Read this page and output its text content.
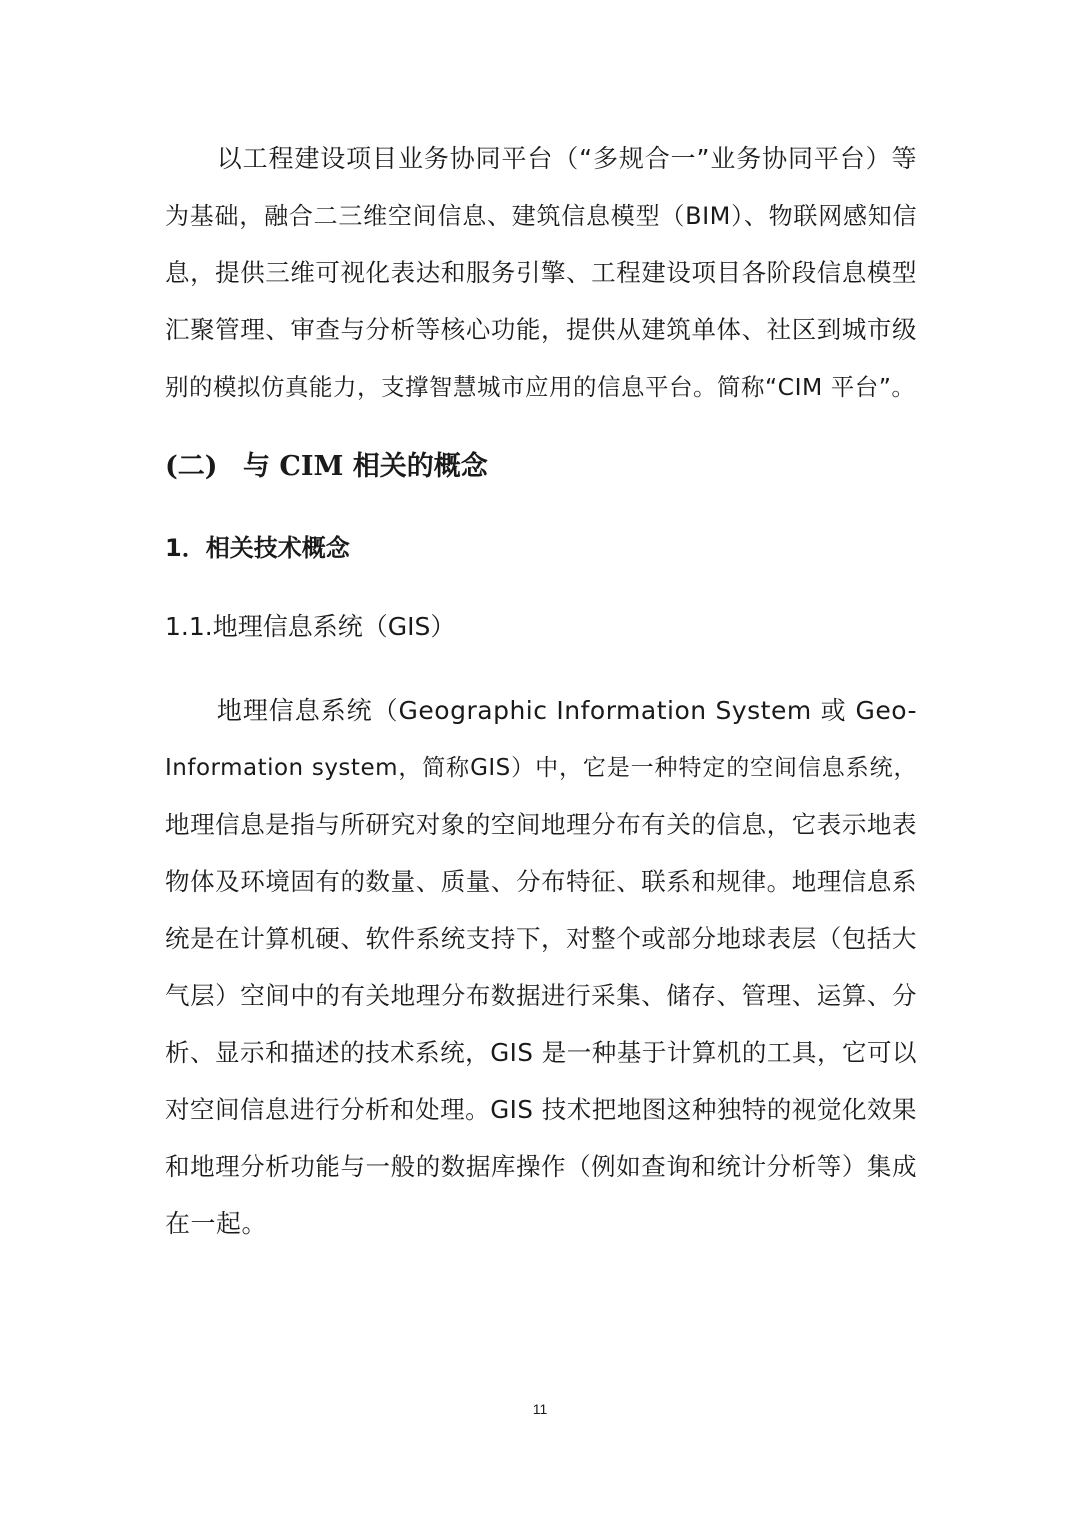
　　以工程建设项目业务协同平台（“多规合一”业务协同平台）等
为基础，融合二三维空间信息、建筑信息模型（BIM）、物联网感知信
息，提供三维可视化表达和服务引擎、工程建设项目各阶段信息模型
汇聚管理、审查与分析等核心功能，提供从建筑单体、社区到城市级
别的模拟仿真能力，支撑智慧城市应用的信息平台。简称“CIM 平台”。
(二) 与 CIM 相关的概念
1．相关技术概念
1.1.地理信息系统（GIS）
　　地理信息系统（Geographic Information System 或 Geo-
Information system，简称GIS）中，它是一种特定的空间信息系统，
地理信息是指与所研究对象的空间地理分布有关的信息，它表示地表
物体及环境固有的数量、质量、分布特征、联系和规律。地理信息系
统是在计算机硬、软件系统支持下，对整个或部分地球表层（包括大
气层）空间中的有关地理分布数据进行采集、储存、管理、运算、分
析、显示和描述的技术系统，GIS 是一种基于计算机的工具，它可以
对空间信息进行分析和处理。GIS 技术把地图这种独特的视觉化效果
和地理分析功能与一般的数据库操作（例如查询和统计分析等）集成
在一起。
11
